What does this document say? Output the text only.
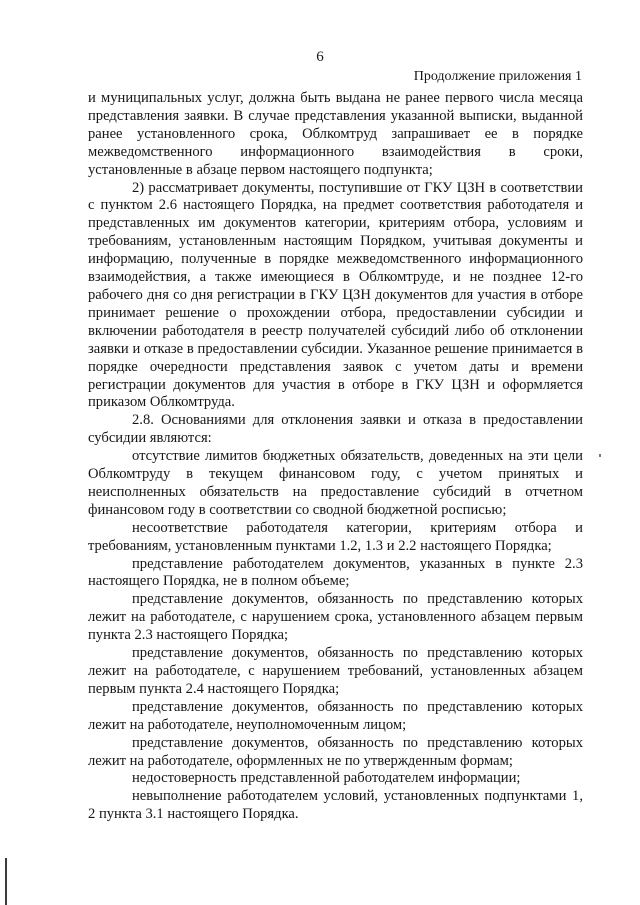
6
Продолжение приложения 1

и муниципальных услуг, должна быть выдана не ранее первого числа месяца представления заявки. В случае представления указанной выписки, выданной ранее установленного срока, Облкомтруд запрашивает ее в порядке межведомственного информационного взаимодействия в сроки, установленные в абзаце первом настоящего подпункта;

2) рассматривает документы, поступившие от ГКУ ЦЗН в соответствии с пунктом 2.6 настоящего Порядка, на предмет соответствия работодателя и представленных им документов категории, критериям отбора, условиям и требованиям, установленным настоящим Порядком, учитывая документы и информацию, полученные в порядке межведомственного информационного взаимодействия, а также имеющиеся в Облкомтруде, и не позднее 12-го рабочего дня со дня регистрации в ГКУ ЦЗН документов для участия в отборе принимает решение о прохождении отбора, предоставлении субсидии и включении работодателя в реестр получателей субсидий либо об отклонении заявки и отказе в предоставлении субсидии. Указанное решение принимается в порядке очередности представления заявок с учетом даты и времени регистрации документов для участия в отборе в ГКУ ЦЗН и оформляется приказом Облкомтруда.

2.8. Основаниями для отклонения заявки и отказа в предоставлении субсидии являются:

отсутствие лимитов бюджетных обязательств, доведенных на эти цели Облкомтруду в текущем финансовом году, с учетом принятых и неисполненных обязательств на предоставление субсидий в отчетном финансовом году в соответствии со сводной бюджетной росписью;

несоответствие работодателя категории, критериям отбора и требованиям, установленным пунктами 1.2, 1.3 и 2.2 настоящего Порядка;

представление работодателем документов, указанных в пункте 2.3 настоящего Порядка, не в полном объеме;

представление документов, обязанность по представлению которых лежит на работодателе, с нарушением срока, установленного абзацем первым пункта 2.3 настоящего Порядка;

представление документов, обязанность по представлению которых лежит на работодателе, с нарушением требований, установленных абзацем первым пункта 2.4 настоящего Порядка;

представление документов, обязанность по представлению которых лежит на работодателе, неуполномоченным лицом;

представление документов, обязанность по представлению которых лежит на работодателе, оформленных не по утвержденным формам;

недостоверность представленной работодателем информации;

невыполнение работодателем условий, установленных подпунктами 1, 2 пункта 3.1 настоящего Порядка.
